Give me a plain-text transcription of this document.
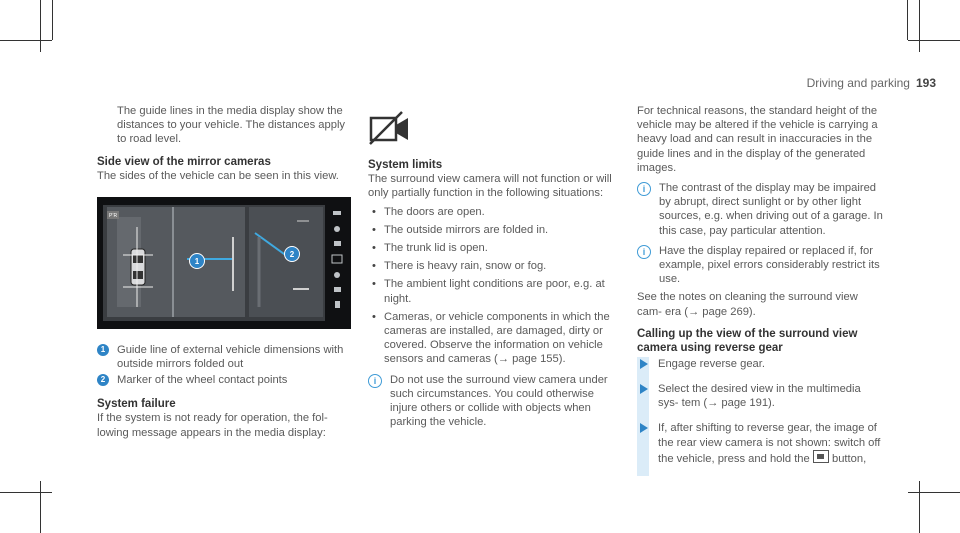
Driving and parking 193

The guide lines in the media display show the distances to your vehicle. The distances apply to road level.

Side view of the mirror cameras

The sides of the vehicle can be seen in this view.

P’R
1
2
1	Guide line of external vehicle dimensions with outside mirrors folded out
2	Marker of the wheel contact points
System failure

If the system is not ready for operation, the fol- lowing message appears in the media display:

System limits

The surround view camera will not function or will only partially function in the following situations:

• The doors are open.
• The outside mirrors are folded in.
• The trunk lid is open.
• There is heavy rain, snow or fog.
• The ambient light conditions are poor, e.g. at night.
• Cameras, or vehicle components in which the cameras are installed, are damaged, dirty or covered. Observe the information on vehicle sensors and cameras (→ page 155).
i	Do not use the surround view camera under such circumstances. You could otherwise injure others or collide with objects when parking the vehicle.

For technical reasons, the standard height of the vehicle may be altered if the vehicle is carrying a heavy load and can result in inaccuracies in the guide lines and in the display of the generated images.

i	The contrast of the display may be impaired by abrupt, direct sunlight or by other light sources, e.g. when driving out of a garage. In this case, pay particular attention.
i	Have the display repaired or replaced if, for example, pixel errors considerably restrict its use.

See the notes on cleaning the surround view cam- era (→ page 269).

Calling up the view of the surround view camera using reverse gear
Engage reverse gear.
Select the desired view in the multimedia sys- tem (→ page 191).
If, after shifting to reverse gear, the image of the rear view camera is not shown: switch off the vehicle, press and hold the button,
